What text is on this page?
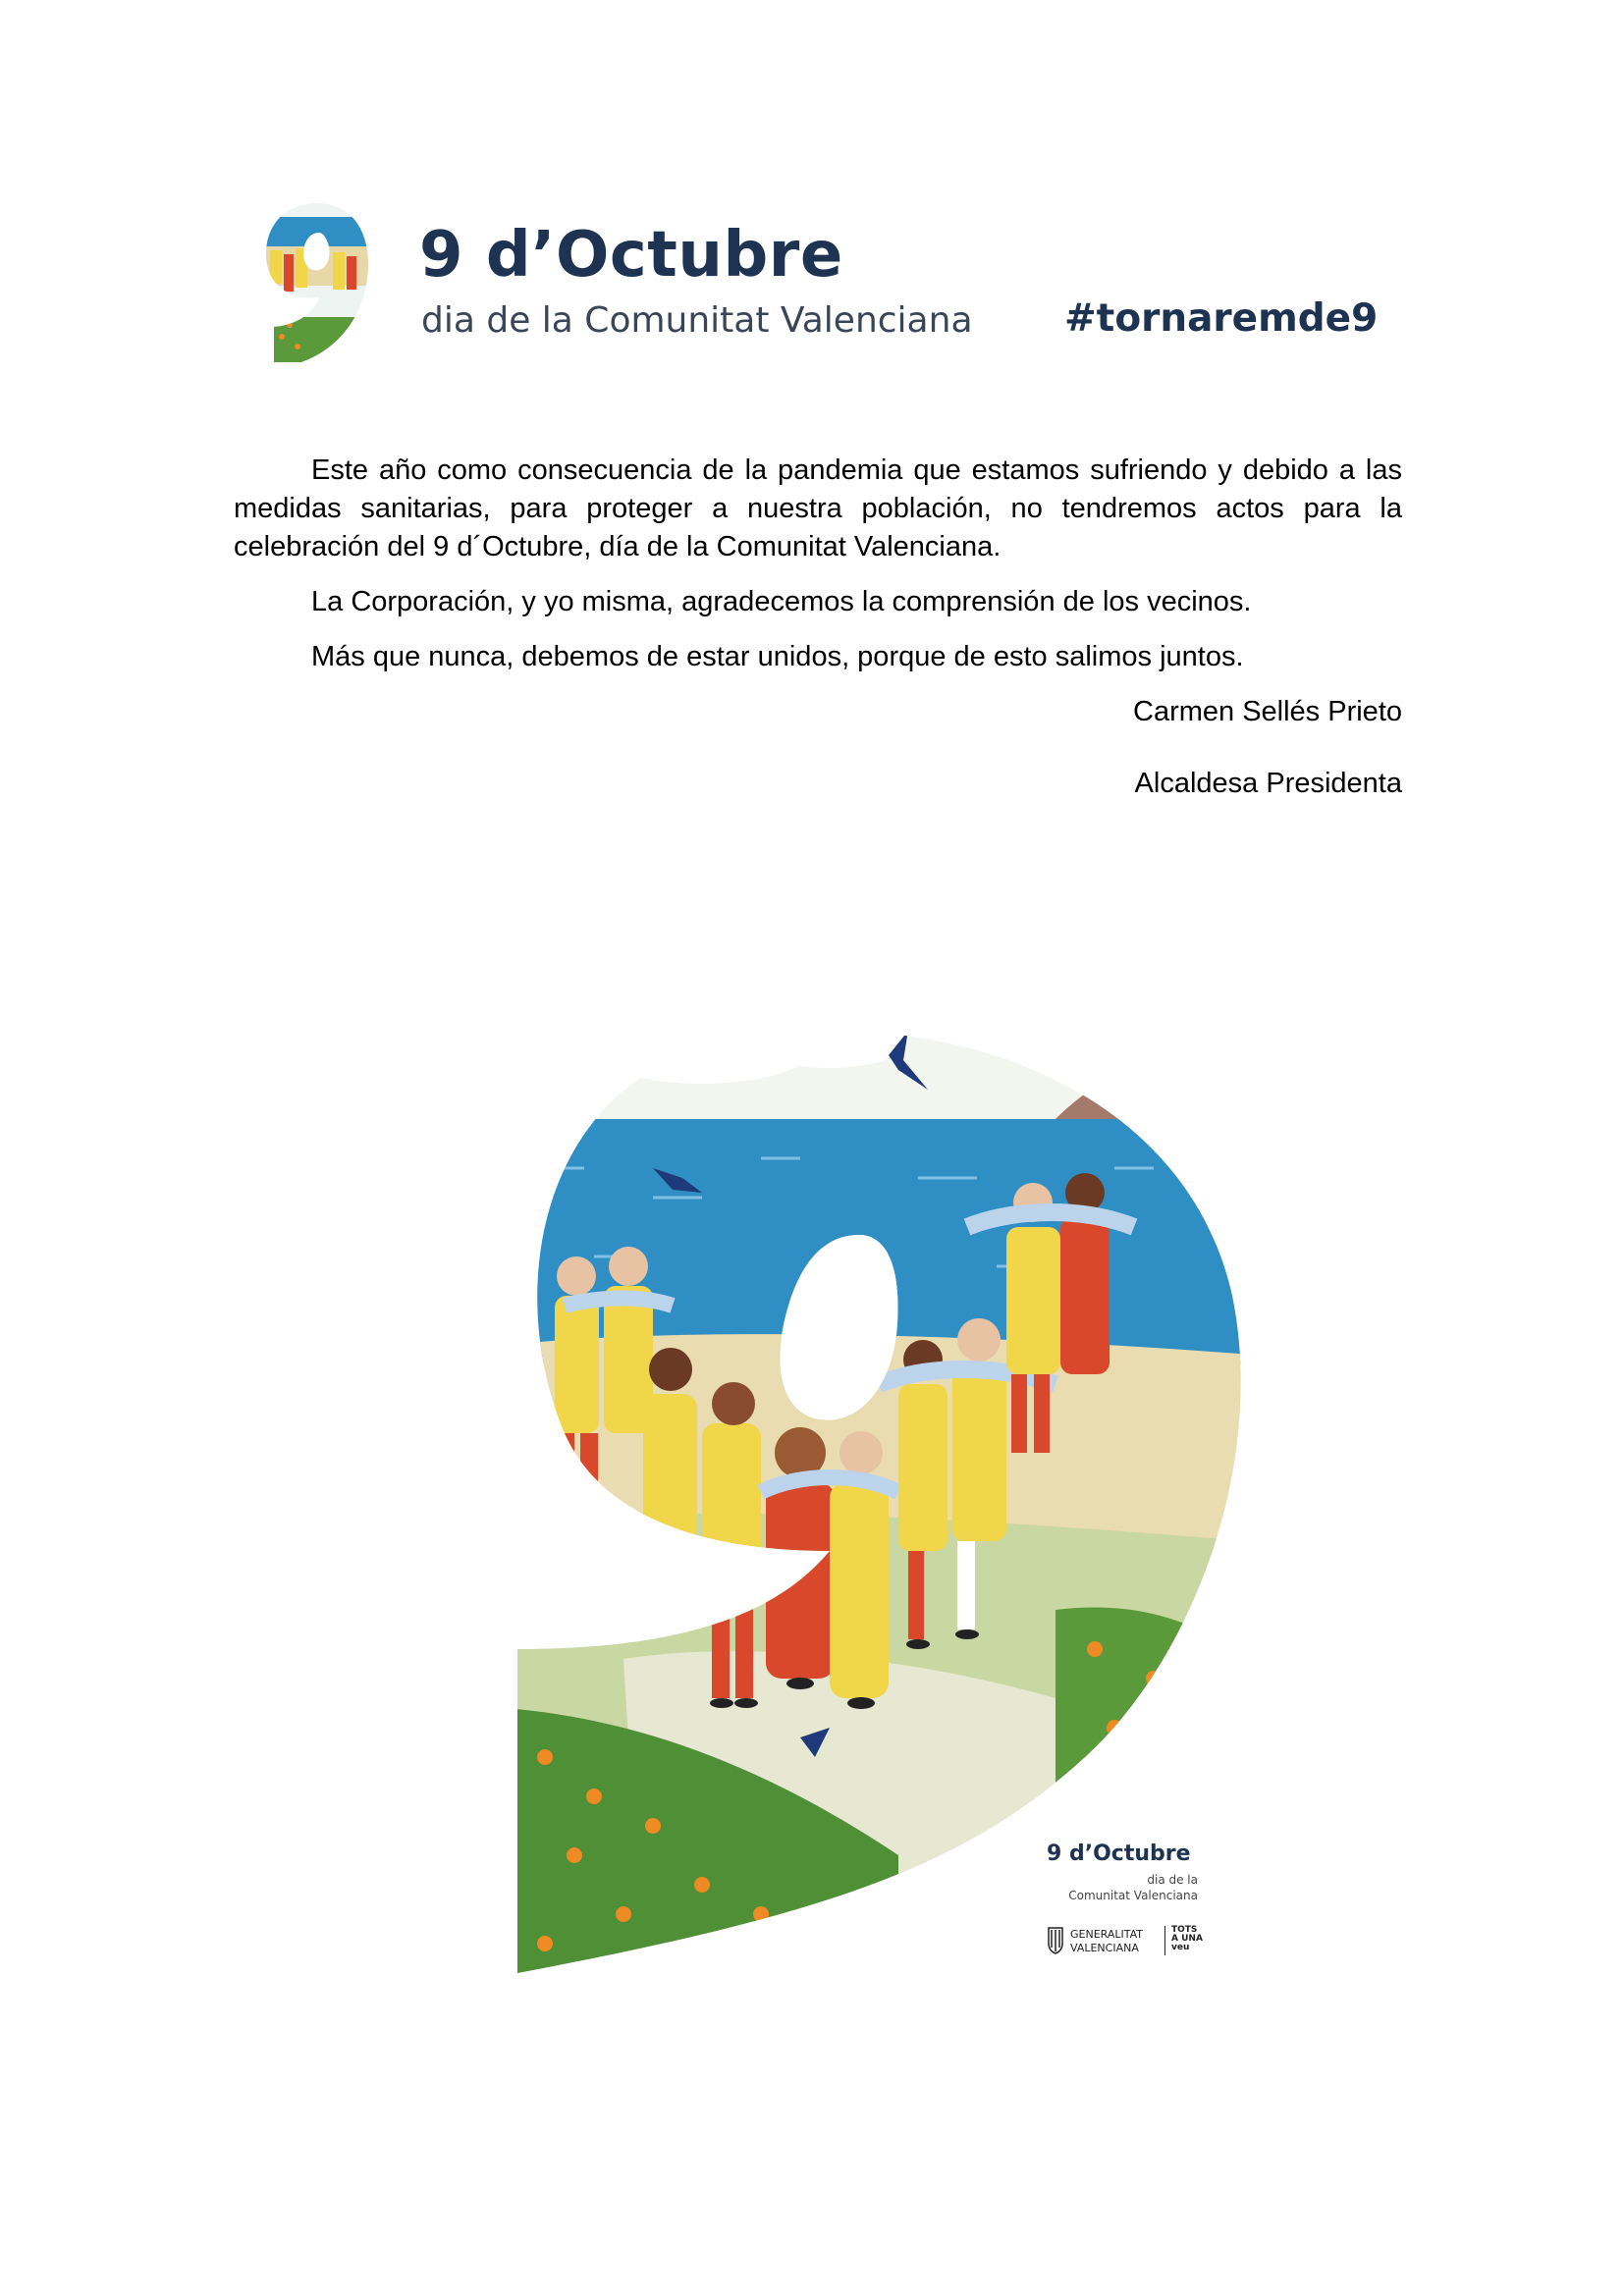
9 d’Octubre
dia de la Comunitat Valenciana #tornaremde9

Este año como consecuencia de la pandemia que estamos sufriendo y debido a las medidas sanitarias, para proteger a nuestra población, no tendremos actos para la celebración del 9 d´Octubre, día de la Comunitat Valenciana.

La Corporación, y yo misma, agradecemos la comprensión de los vecinos.

Más que nunca, debemos de estar unidos, porque de esto salimos juntos.

Carmen Sellés Prieto

Alcaldesa Presidenta

9 d’Octubre
dia de la
Comunitat Valenciana
GENERALITAT
VALENCIANA
TOTS
A UNA
veu
